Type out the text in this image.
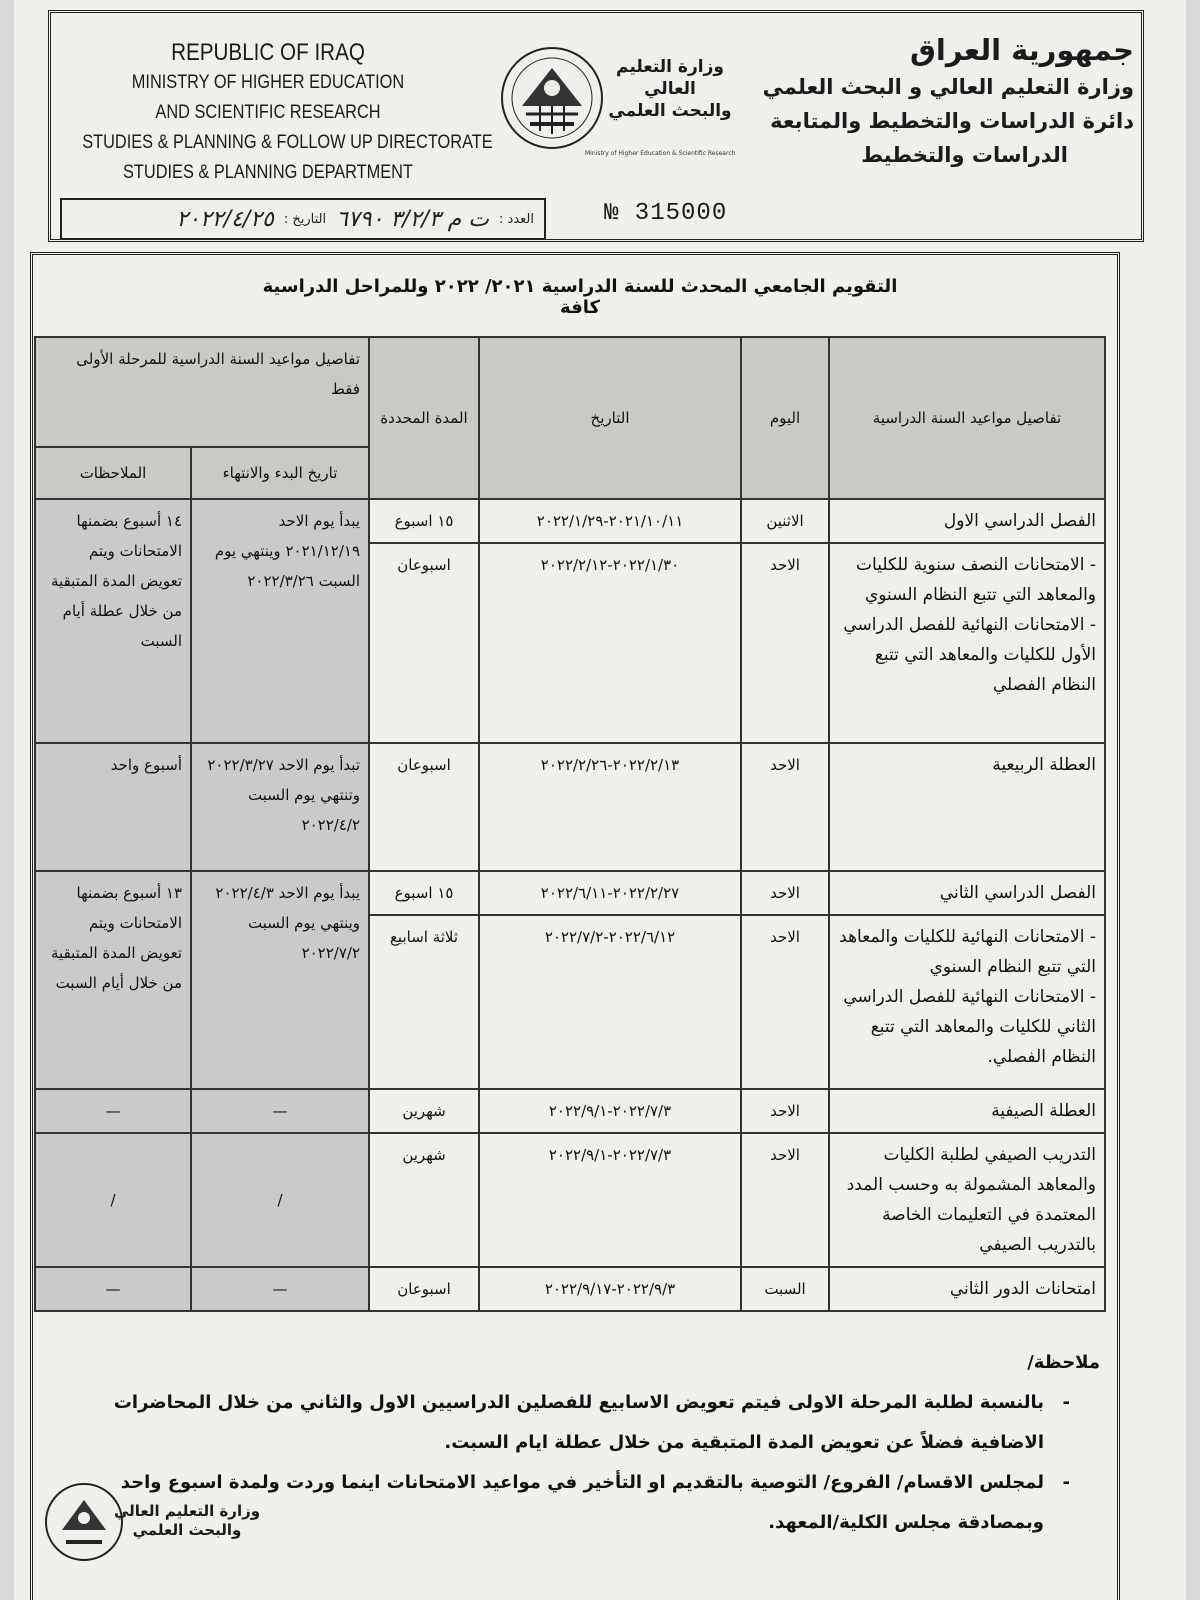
REPUBLIC OF IRAQ
MINISTRY OF HIGHER EDUCATION
AND SCIENTIFIC RESEARCH
STUDIES & PLANNING & FOLLOW UP DIRECTORATE
STUDIES & PLANNING DEPARTMENT
وزارة التعليم العالي
والبحث العلمي
Ministry of Higher Education & Scientific Research
جمهورية العراق
وزارة التعليم العالي و البحث العلمي
دائرة الدراسات والتخطيط والمتابعة
الدراسات والتخطيط
العدد :
ت م ٣/٢/٣ ٦٧٩٠
التاريخ :
٢٠٢٢/٤/٢٥	№ 315000
التقويم الجامعي المحدث للسنة الدراسية ٢٠٢١/ ٢٠٢٢ وللمراحل الدراسية كافة
تفاصيل مواعيد السنة الدراسية	اليوم	التاريخ	المدة المحددة	تفاصيل مواعيد السنة الدراسية للمرحلة الأولى فقط	
				تاريخ البدء والانتهاء	الملاحظات
الفصل الدراسي الاول	الاثنين	٢٠٢١/١٠/١١-٢٠٢٢/١/٢٩	١٥ اسبوع	يبدأ يوم الاحد ٢٠٢١/١٢/١٩ وينتهي يوم السبت ٢٠٢٢/٣/٢٦	١٤ أسبوع بضمنها الامتحانات ويتم تعويض المدة المتبقية من خلال عطلة أيام السبت

- الامتحانات النصف سنوية للكليات والمعاهد التي تتبع النظام السنوي
- الامتحانات النهائية للفصل الدراسي الأول للكليات والمعاهد التي تتبع النظام الفصلي	الاحد	٢٠٢٢/١/٣٠-٢٠٢٢/٢/١٢	اسبوعان		
العطلة الربيعية	الاحد	٢٠٢٢/٢/١٣-٢٠٢٢/٢/٢٦	اسبوعان	تبدأ يوم الاحد ٢٠٢٢/٣/٢٧ وتنتهي يوم السبت ٢٠٢٢/٤/٢	أسبوع واحد
الفصل الدراسي الثاني	الاحد	٢٠٢٢/٢/٢٧-٢٠٢٢/٦/١١	١٥ اسبوع	يبدأ يوم الاحد ٢٠٢٢/٤/٣ وينتهي يوم السبت ٢٠٢٢/٧/٢	١٣ أسبوع بضمنها الامتحانات ويتم تعويض المدة المتبقية من خلال أيام السبت

- الامتحانات النهائية للكليات والمعاهد التي تتبع النظام السنوي
- الامتحانات النهائية للفصل الدراسي الثاني للكليات والمعاهد التي تتبع النظام الفصلي.	الاحد	٢٠٢٢/٦/١٢-٢٠٢٢/٧/٢	ثلاثة اسابيع		
العطلة الصيفية	الاحد	٢٠٢٢/٧/٣-٢٠٢٢/٩/١	شهرين	—	—
التدريب الصيفي لطلبة الكليات والمعاهد المشمولة به وحسب المدد المعتمدة في التعليمات الخاصة بالتدريب الصيفي	الاحد	٢٠٢٢/٧/٣-٢٠٢٢/٩/١	شهرين	/	/
امتحانات الدور الثاني	السبت	٢٠٢٢/٩/٣-٢٠٢٢/٩/١٧	اسبوعان	—	—
ملاحظة/
- بالنسبة لطلبة المرحلة الاولى فيتم تعويض الاسابيع للفصلين الدراسيين الاول والثاني من خلال المحاضرات الاضافية فضلاً عن تعويض المدة المتبقية من خلال عطلة ايام السبت.
- لمجلس الاقسام/ الفروع/ التوصية بالتقديم او التأخير في مواعيد الامتحانات اينما وردت ولمدة اسبوع واحد وبمصادقة مجلس الكلية/المعهد.
وزارة التعليم العالي
والبحث العلمي
